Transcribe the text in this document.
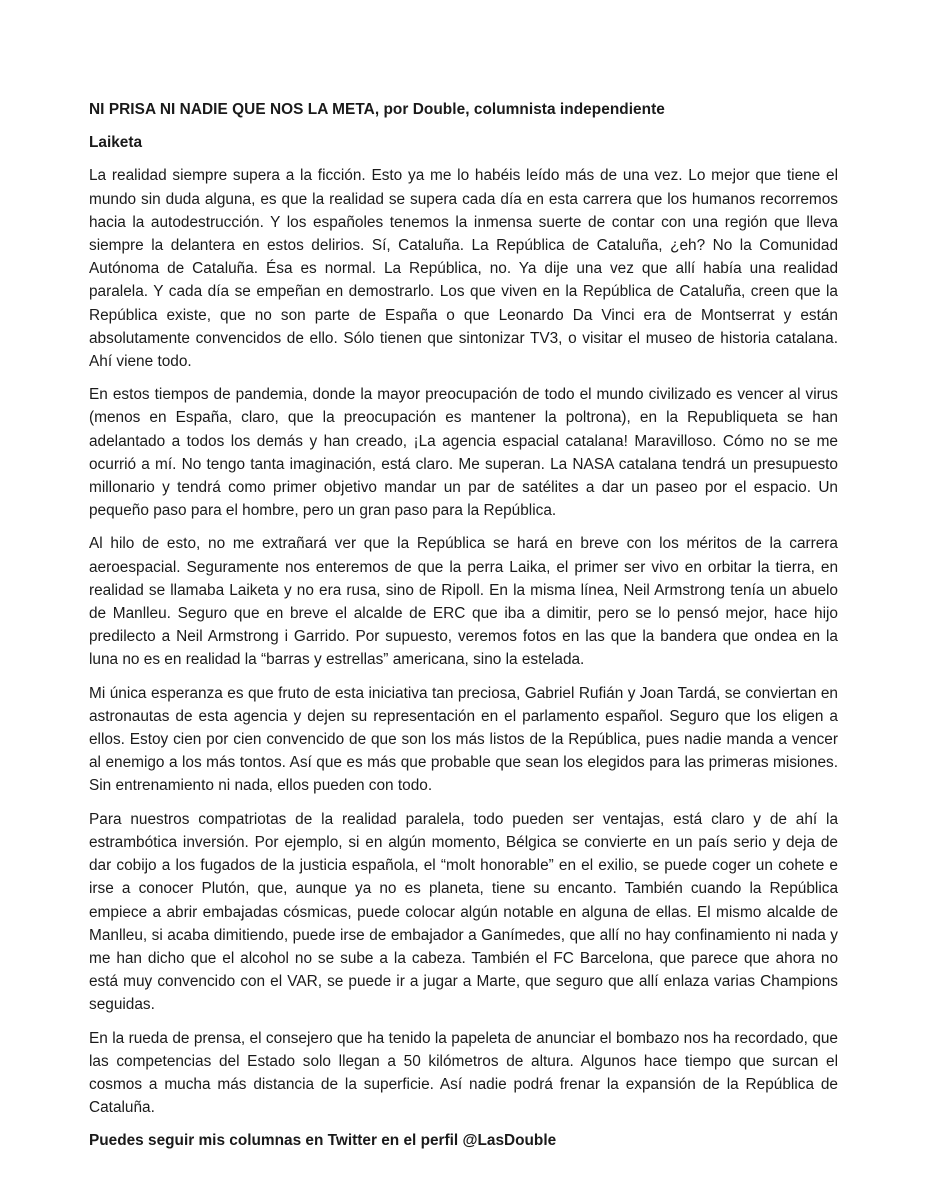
NI PRISA NI NADIE QUE NOS LA META, por Double, columnista independiente

Laiketa

La realidad siempre supera a la ficción. Esto ya me lo habéis leído más de una vez. Lo mejor que tiene el mundo sin duda alguna, es que la realidad se supera cada día en esta carrera que los humanos recorremos hacia la autodestrucción. Y los españoles tenemos la inmensa suerte de contar con una región que lleva siempre la delantera en estos delirios. Sí, Cataluña. La República de Cataluña, ¿eh? No la Comunidad Autónoma de Cataluña. Ésa es normal. La República, no. Ya dije una vez que allí había una realidad paralela. Y cada día se empeñan en demostrarlo. Los que viven en la República de Cataluña, creen que la República existe, que no son parte de España o que Leonardo Da Vinci era de Montserrat y están absolutamente convencidos de ello. Sólo tienen que sintonizar TV3, o visitar el museo de historia catalana. Ahí viene todo.

En estos tiempos de pandemia, donde la mayor preocupación de todo el mundo civilizado es vencer al virus (menos en España, claro, que la preocupación es mantener la poltrona), en la Republiqueta se han adelantado a todos los demás y han creado, ¡La agencia espacial catalana! Maravilloso. Cómo no se me ocurrió a mí. No tengo tanta imaginación, está claro. Me superan. La NASA catalana tendrá un presupuesto millonario y tendrá como primer objetivo mandar un par de satélites a dar un paseo por el espacio. Un pequeño paso para el hombre, pero un gran paso para la República.

Al hilo de esto, no me extrañará ver que la República se hará en breve con los méritos de la carrera aeroespacial. Seguramente nos enteremos de que la perra Laika, el primer ser vivo en orbitar la tierra, en realidad se llamaba Laiketa y no era rusa, sino de Ripoll. En la misma línea, Neil Armstrong tenía un abuelo de Manlleu. Seguro que en breve el alcalde de ERC que iba a dimitir, pero se lo pensó mejor, hace hijo predilecto a Neil Armstrong i Garrido. Por supuesto, veremos fotos en las que la bandera que ondea en la luna no es en realidad la “barras y estrellas” americana, sino la estelada.

Mi única esperanza es que fruto de esta iniciativa tan preciosa, Gabriel Rufián y Joan Tardá, se conviertan en astronautas de esta agencia y dejen su representación en el parlamento español. Seguro que los eligen a ellos. Estoy cien por cien convencido de que son los más listos de la República, pues nadie manda a vencer al enemigo a los más tontos. Así que es más que probable que sean los elegidos para las primeras misiones. Sin entrenamiento ni nada, ellos pueden con todo.

Para nuestros compatriotas de la realidad paralela, todo pueden ser ventajas, está claro y de ahí la estrambótica inversión. Por ejemplo, si en algún momento, Bélgica se convierte en un país serio y deja de dar cobijo a los fugados de la justicia española, el “molt honorable” en el exilio, se puede coger un cohete e irse a conocer Plutón, que, aunque ya no es planeta, tiene su encanto. También cuando la República empiece a abrir embajadas cósmicas, puede colocar algún notable en alguna de ellas. El mismo alcalde de Manlleu, si acaba dimitiendo, puede irse de embajador a Ganímedes, que allí no hay confinamiento ni nada y me han dicho que el alcohol no se sube a la cabeza. También el FC Barcelona, que parece que ahora no está muy convencido con el VAR, se puede ir a jugar a Marte, que seguro que allí enlaza varias Champions seguidas.

En la rueda de prensa, el consejero que ha tenido la papeleta de anunciar el bombazo nos ha recordado, que las competencias del Estado solo llegan a 50 kilómetros de altura. Algunos hace tiempo que surcan el cosmos a mucha más distancia de la superficie. Así nadie podrá frenar la expansión de la República de Cataluña.

Puedes seguir mis columnas en Twitter en el perfil @LasDouble
